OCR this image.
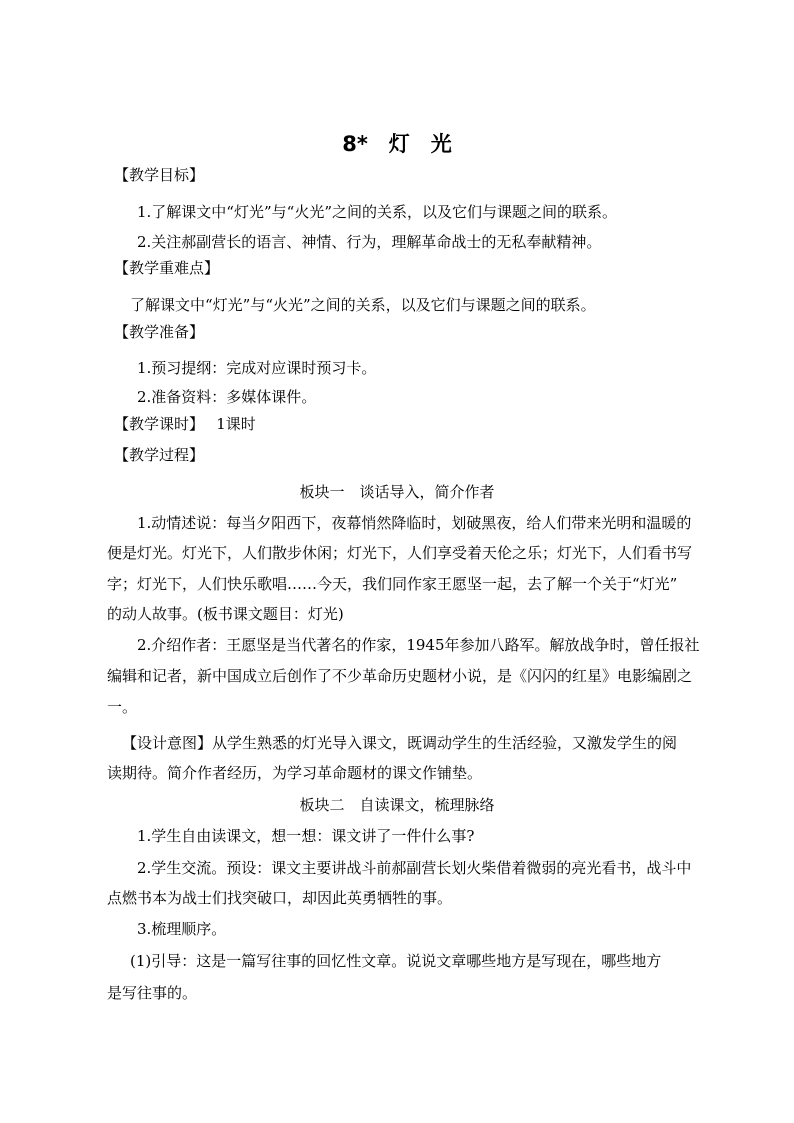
8*　灯　光
【教学目标】
1.了解课文中“灯光”与“火光”之间的关系，以及它们与课题之间的联系。
2.关注郝副营长的语言、神情、行为，理解革命战士的无私奉献精神。
【教学重难点】
了解课文中“灯光”与“火光”之间的关系，以及它们与课题之间的联系。
【教学准备】
1.预习提纲：完成对应课时预习卡。
2.准备资料：多媒体课件。
【教学课时】　 1课时
【教学过程】
板块一　谈话导入，简介作者
1.动情述说：每当夕阳西下，夜幕悄然降临时，划破黑夜，给人们带来光明和温暖的
便是灯光。灯光下，人们散步休闲；灯光下，人们享受着天伦之乐；灯光下，人们看书写
字；灯光下，人们快乐歌唱……今天，我们同作家王愿坚一起，去了解一个关于“灯光”
的动人故事。(板书课文题目：灯光)
2.介绍作者：王愿坚是当代著名的作家，1945年参加八路军。解放战争时，曾任报社
编辑和记者，新中国成立后创作了不少革命历史题材小说，是《闪闪的红星》电影编剧之
一。
【设计意图】从学生熟悉的灯光导入课文，既调动学生的生活经验，又激发学生的阅
读期待。简介作者经历，为学习革命题材的课文作铺垫。
板块二　自读课文，梳理脉络
1.学生自由读课文，想一想：课文讲了一件什么事?
2.学生交流。预设：课文主要讲战斗前郝副营长划火柴借着微弱的亮光看书，战斗中
点燃书本为战士们找突破口，却因此英勇牺牲的事。
3.梳理顺序。
(1)引导：这是一篇写往事的回忆性文章。说说文章哪些地方是写现在，哪些地方
是写往事的。
